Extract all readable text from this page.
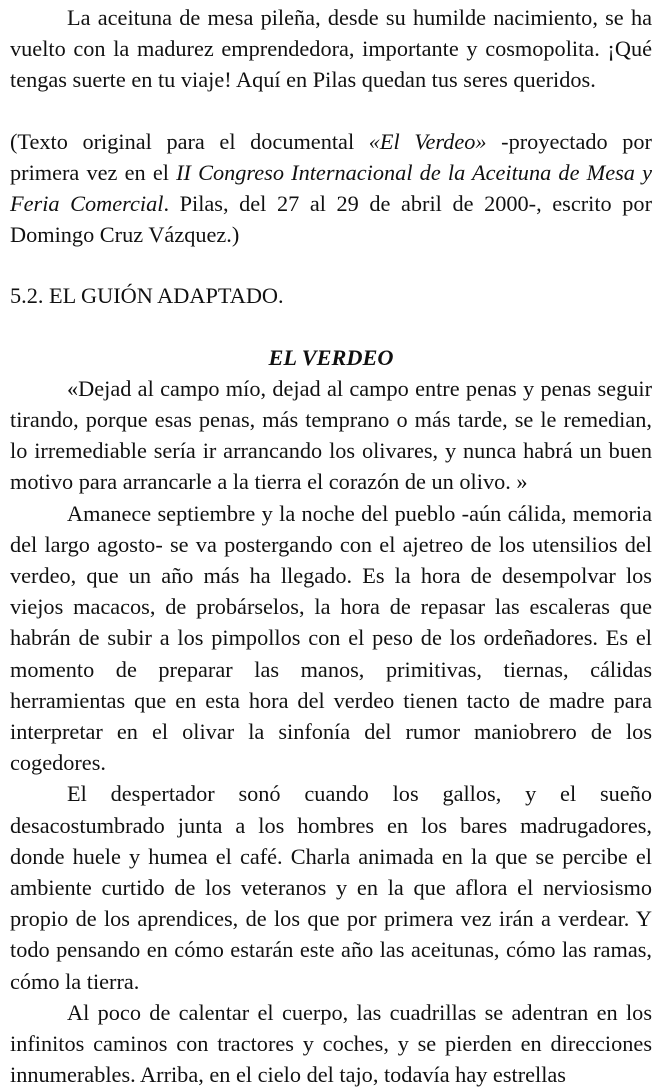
La aceituna de mesa pileña, desde su humilde nacimiento, se ha vuelto con la madurez emprendedora, importante y cosmopolita. ¡Qué tengas suerte en tu viaje! Aquí en Pilas quedan tus seres queridos.

(Texto original para el documental «El Verdeo» -proyectado por primera vez en el II Congreso Internacional de la Aceituna de Mesa y Feria Comercial. Pilas, del 27 al 29 de abril de 2000-, escrito por Domingo Cruz Vázquez.)

5.2. EL GUIÓN ADAPTADO.

EL VERDEO

«Dejad al campo mío, dejad al campo entre penas y penas seguir tirando, porque esas penas, más temprano o más tarde, se le remedian, lo irremediable sería ir arrancando los olivares, y nunca habrá un buen motivo para arrancarle a la tierra el corazón de un olivo. »

Amanece septiembre y la noche del pueblo -aún cálida, memoria del largo agosto- se va postergando con el ajetreo de los utensilios del verdeo, que un año más ha llegado. Es la hora de desempolvar los viejos macacos, de probárselos, la hora de repasar las escaleras que habrán de subir a los pimpollos con el peso de los ordeñadores. Es el momento de preparar las manos, primitivas, tiernas, cálidas herramientas que en esta hora del verdeo tienen tacto de madre para interpretar en el olivar la sinfonía del rumor maniobrero de los cogedores.

El despertador sonó cuando los gallos, y el sueño desacostumbrado junta a los hombres en los bares madrugadores, donde huele y humea el café. Charla animada en la que se percibe el ambiente curtido de los veteranos y en la que aflora el nerviosismo propio de los aprendices, de los que por primera vez irán a verdear. Y todo pensando en cómo estarán este año las aceitunas, cómo las ramas, cómo la tierra.

Al poco de calentar el cuerpo, las cuadrillas se adentran en los infinitos caminos con tractores y coches, y se pierden en direcciones innumerables. Arriba, en el cielo del tajo, todavía hay estrellas
